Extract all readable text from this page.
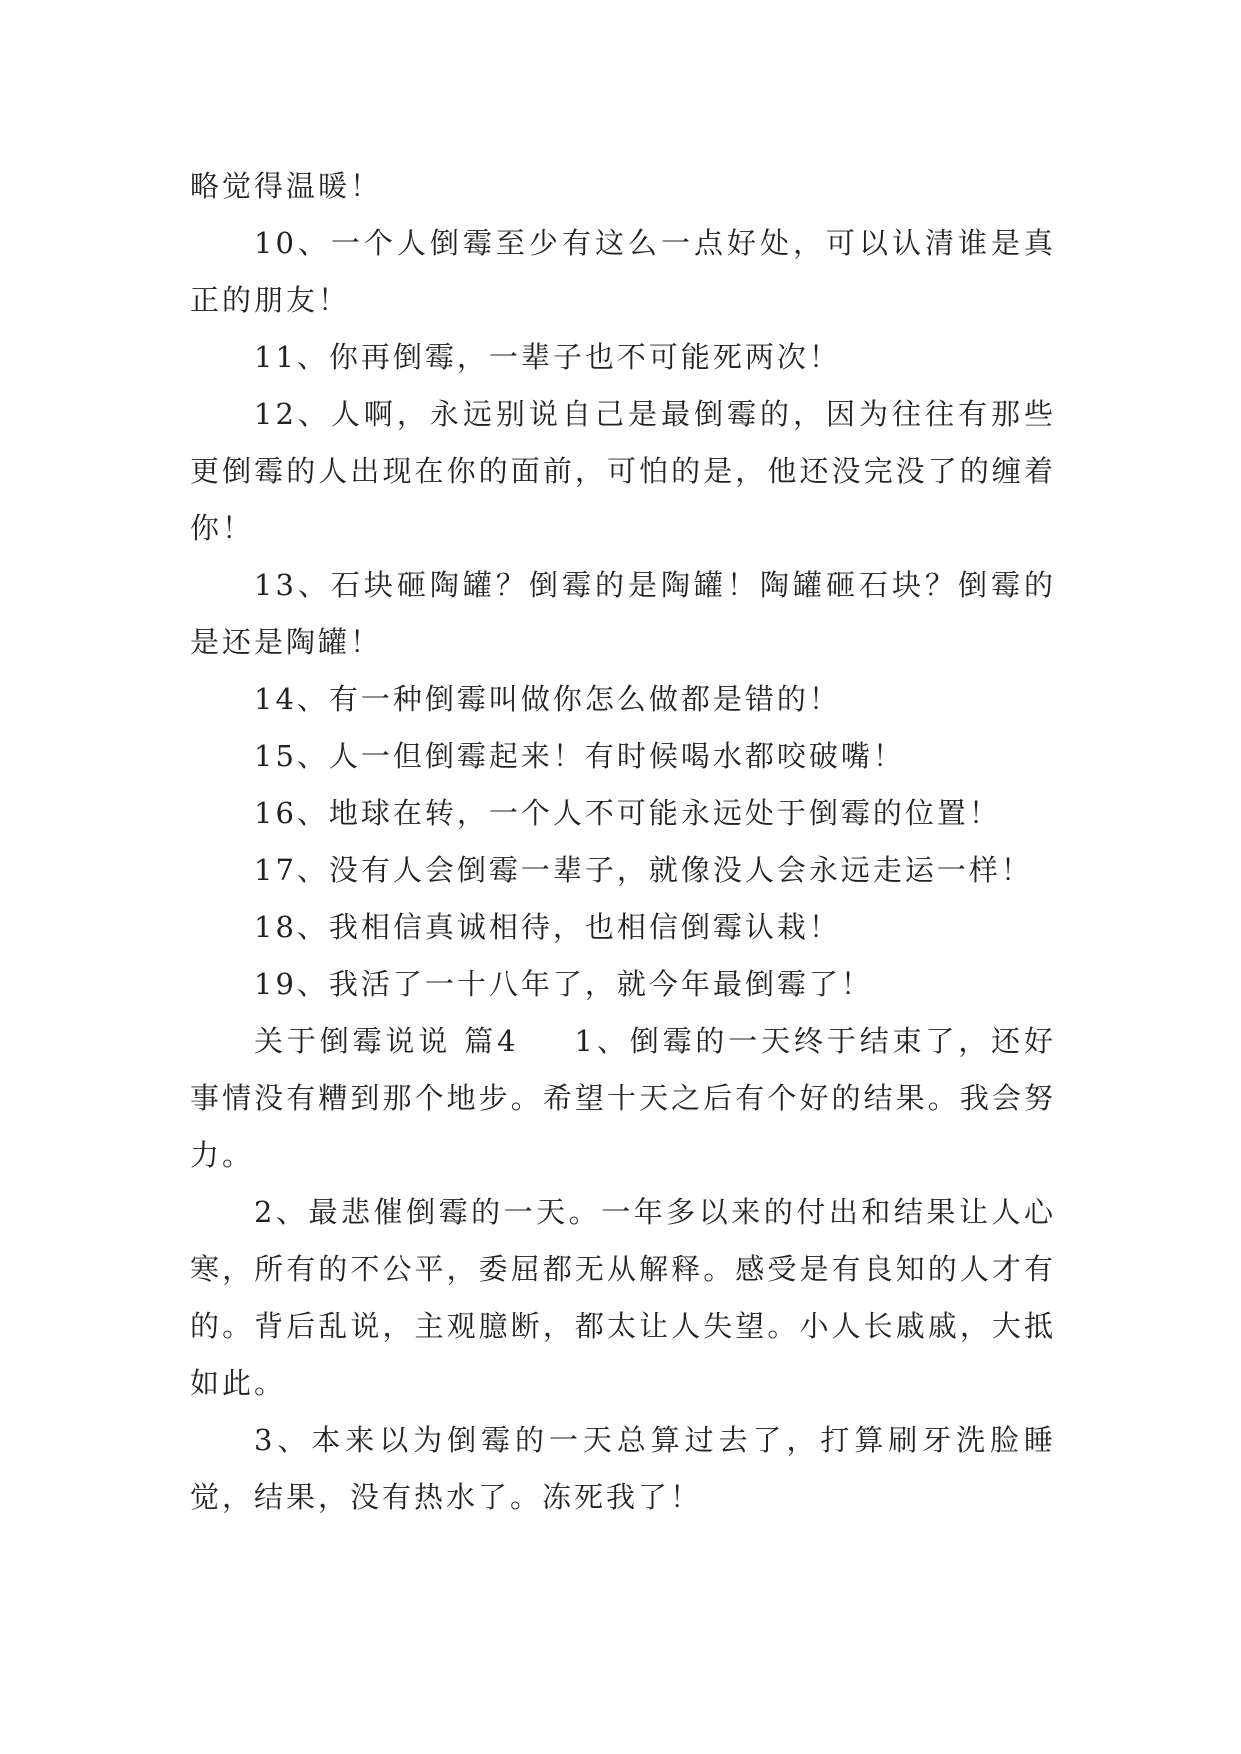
略觉得温暖！

10、一个人倒霉至少有这么一点好处，可以认清谁是真正的朋友！

11、你再倒霉，一辈子也不可能死两次！

12、人啊，永远别说自己是最倒霉的，因为往往有那些更倒霉的人出现在你的面前，可怕的是，他还没完没了的缠着你！

13、石块砸陶罐？倒霉的是陶罐！陶罐砸石块？倒霉的是还是陶罐！

14、有一种倒霉叫做你怎么做都是错的！

15、人一但倒霉起来！有时候喝水都咬破嘴！

16、地球在转，一个人不可能永远处于倒霉的位置！

17、没有人会倒霉一辈子，就像没人会永远走运一样！

18、我相信真诚相待，也相信倒霉认栽！

19、我活了一十八年了，就今年最倒霉了！

关于倒霉说说 篇4 1、倒霉的一天终于结束了，还好事情没有糟到那个地步。希望十天之后有个好的结果。我会努力。

2、最悲催倒霉的一天。一年多以来的付出和结果让人心寒，所有的不公平，委屈都无从解释。感受是有良知的人才有的。背后乱说，主观臆断，都太让人失望。小人长戚戚，大抵如此。

3、本来以为倒霉的一天总算过去了，打算刷牙洗脸睡觉，结果，没有热水了。冻死我了！
